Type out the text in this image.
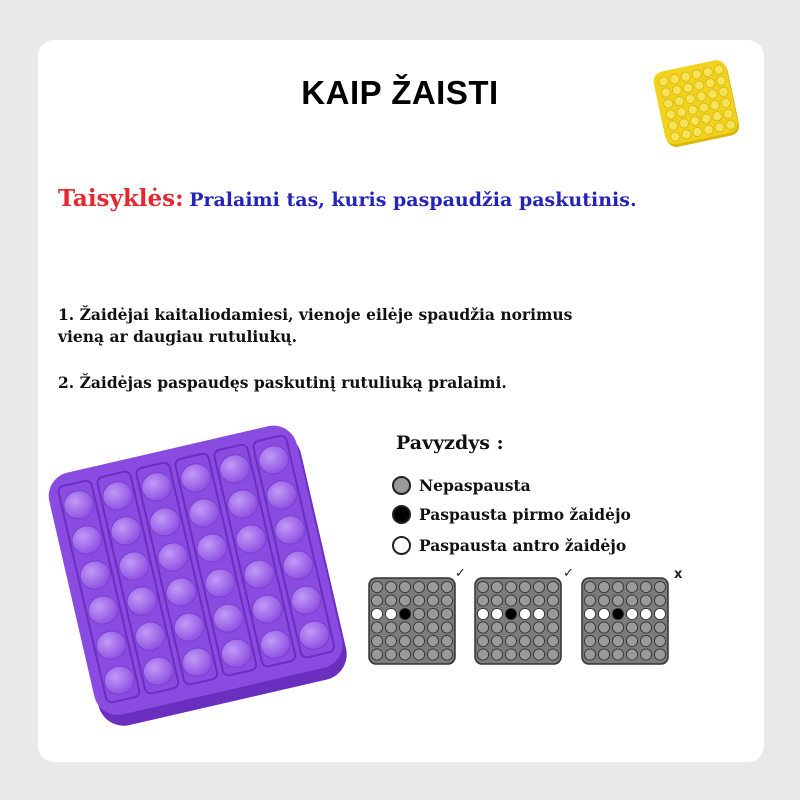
KAIP ŽAISTI
Taisyklės: Pralaimi tas, kuris paspaudžia paskutinis.
1. Žaidėjai kaitaliodamiesi, vienoje eilėje spaudžia norimus
vieną ar daugiau rutuliukų.
2. Žaidėjas paspaudęs paskutinį rutuliuką pralaimi.
Pavyzdys :
Nepaspausta
Paspausta pirmo žaidėjo
Paspausta antro žaidėjo
✓	✓	x
